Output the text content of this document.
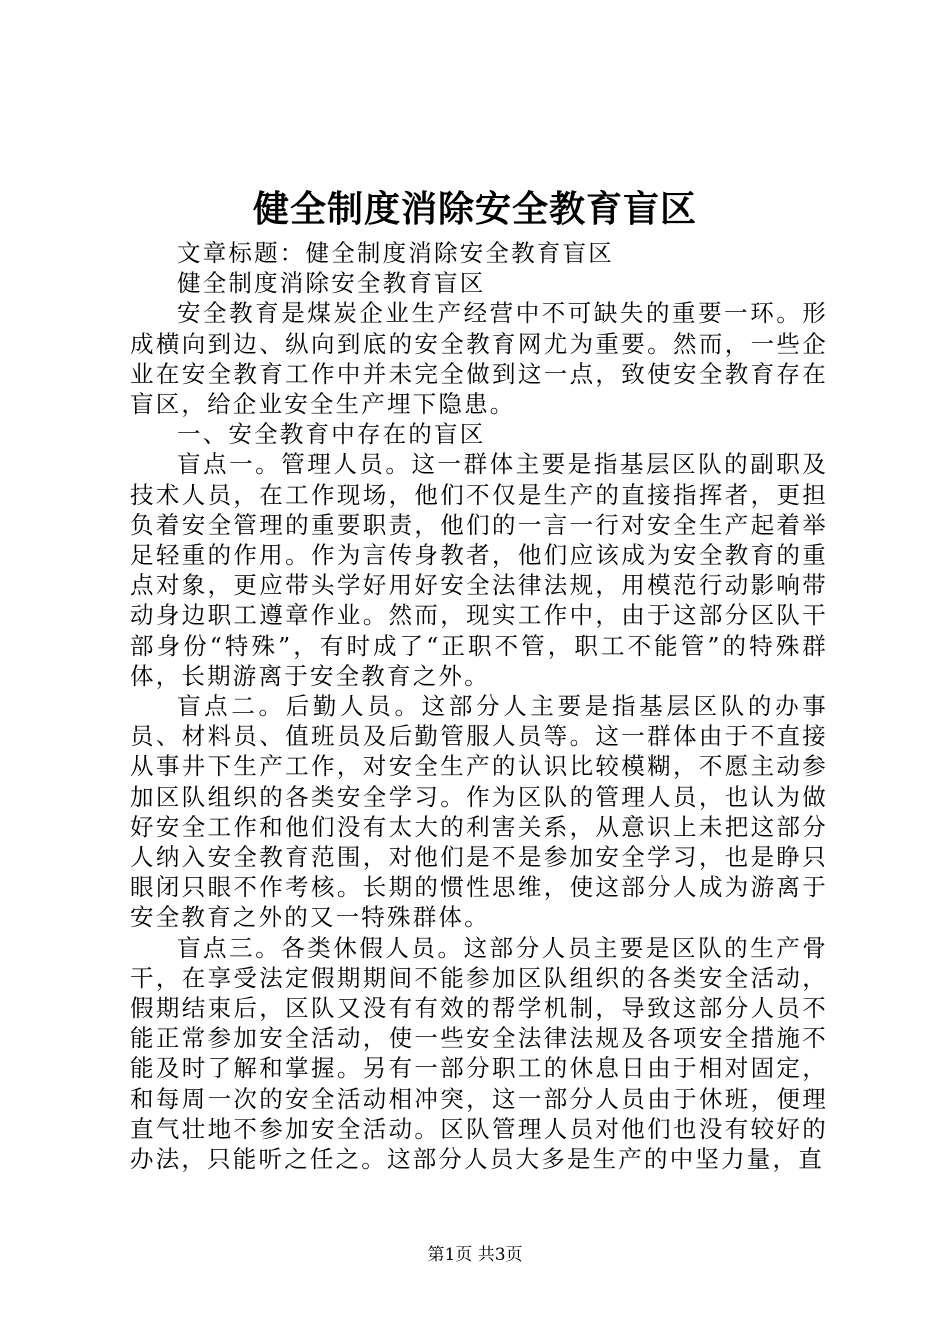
健全制度消除安全教育盲区

文章标题：健全制度消除安全教育盲区

健全制度消除安全教育盲区

安全教育是煤炭企业生产经营中不可缺失的重要一环。形成横向到边、纵向到底的安全教育网尤为重要。然而，一些企业在安全教育工作中并未完全做到这一点，致使安全教育存在盲区，给企业安全生产埋下隐患。

一、安全教育中存在的盲区

盲点一。管理人员。这一群体主要是指基层区队的副职及技术人员，在工作现场，他们不仅是生产的直接指挥者，更担负着安全管理的重要职责，他们的一言一行对安全生产起着举足轻重的作用。作为言传身教者，他们应该成为安全教育的重点对象，更应带头学好用好安全法律法规，用模范行动影响带动身边职工遵章作业。然而，现实工作中，由于这部分区队干部身份“特殊”，有时成了“正职不管，职工不能管”的特殊群体，长期游离于安全教育之外。

盲点二。后勤人员。这部分人主要是指基层区队的办事员、材料员、值班员及后勤管服人员等。这一群体由于不直接从事井下生产工作，对安全生产的认识比较模糊，不愿主动参加区队组织的各类安全学习。作为区队的管理人员，也认为做好安全工作和他们没有太大的利害关系，从意识上未把这部分人纳入安全教育范围，对他们是不是参加安全学习，也是睁只眼闭只眼不作考核。长期的惯性思维，使这部分人成为游离于安全教育之外的又一特殊群体。

盲点三。各类休假人员。这部分人员主要是区队的生产骨干，在享受法定假期期间不能参加区队组织的各类安全活动，假期结束后，区队又没有有效的帮学机制，导致这部分人员不能正常参加安全活动，使一些安全法律法规及各项安全措施不能及时了解和掌握。另有一部分职工的休息日由于相对固定，和每周一次的安全活动相冲突，这一部分人员由于休班，便理直气壮地不参加安全活动。区队管理人员对他们也没有较好的办法，只能听之任之。这部分人员大多是生产的中坚力量，直

第1页 共3页
